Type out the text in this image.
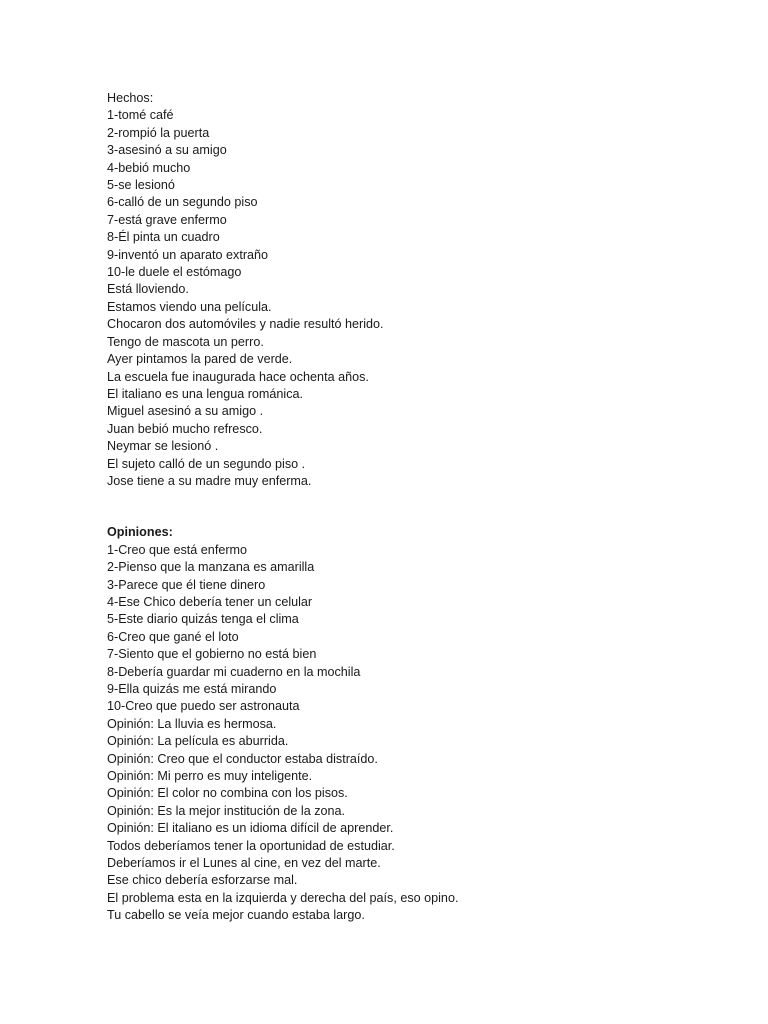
Hechos:
1-tomé café
2-rompió la puerta
3-asesinó a su amigo
4-bebió mucho
5-se lesionó
6-calló de un segundo piso
7-está grave enfermo
8-Él pinta un cuadro
9-inventó un aparato extraño
10-le duele el estómago
Está lloviendo.
Estamos viendo una película.
Chocaron dos automóviles y nadie resultó herido.
Tengo de mascota un perro.
Ayer pintamos la pared de verde.
La escuela fue inaugurada hace ochenta años.
El italiano es una lengua románica.
Miguel asesinó a su amigo .
Juan bebió mucho refresco.
Neymar se lesionó .
El sujeto calló de un segundo piso .
Jose tiene a su madre muy enferma.
Opiniones:
1-Creo que está enfermo
2-Pienso que la manzana es amarilla
3-Parece que él tiene dinero
4-Ese Chico debería tener un celular
5-Este diario quizás tenga el clima
6-Creo que gané el loto
7-Siento que el gobierno no está bien
8-Debería guardar mi cuaderno en la mochila
9-Ella quizás me está mirando
10-Creo que puedo ser astronauta
Opinión: La lluvia es hermosa.
Opinión: La película es aburrida.
Opinión: Creo que el conductor estaba distraído.
Opinión: Mi perro es muy inteligente.
Opinión: El color no combina con los pisos.
Opinión: Es la mejor institución de la zona.
Opinión: El italiano es un idioma difícil de aprender.
Todos deberíamos tener la oportunidad de estudiar.
Deberíamos ir el Lunes al cine, en vez del marte.
Ese chico debería esforzarse mal.
El problema esta en la izquierda y derecha del país, eso opino.
Tu cabello se veía mejor cuando estaba largo.
